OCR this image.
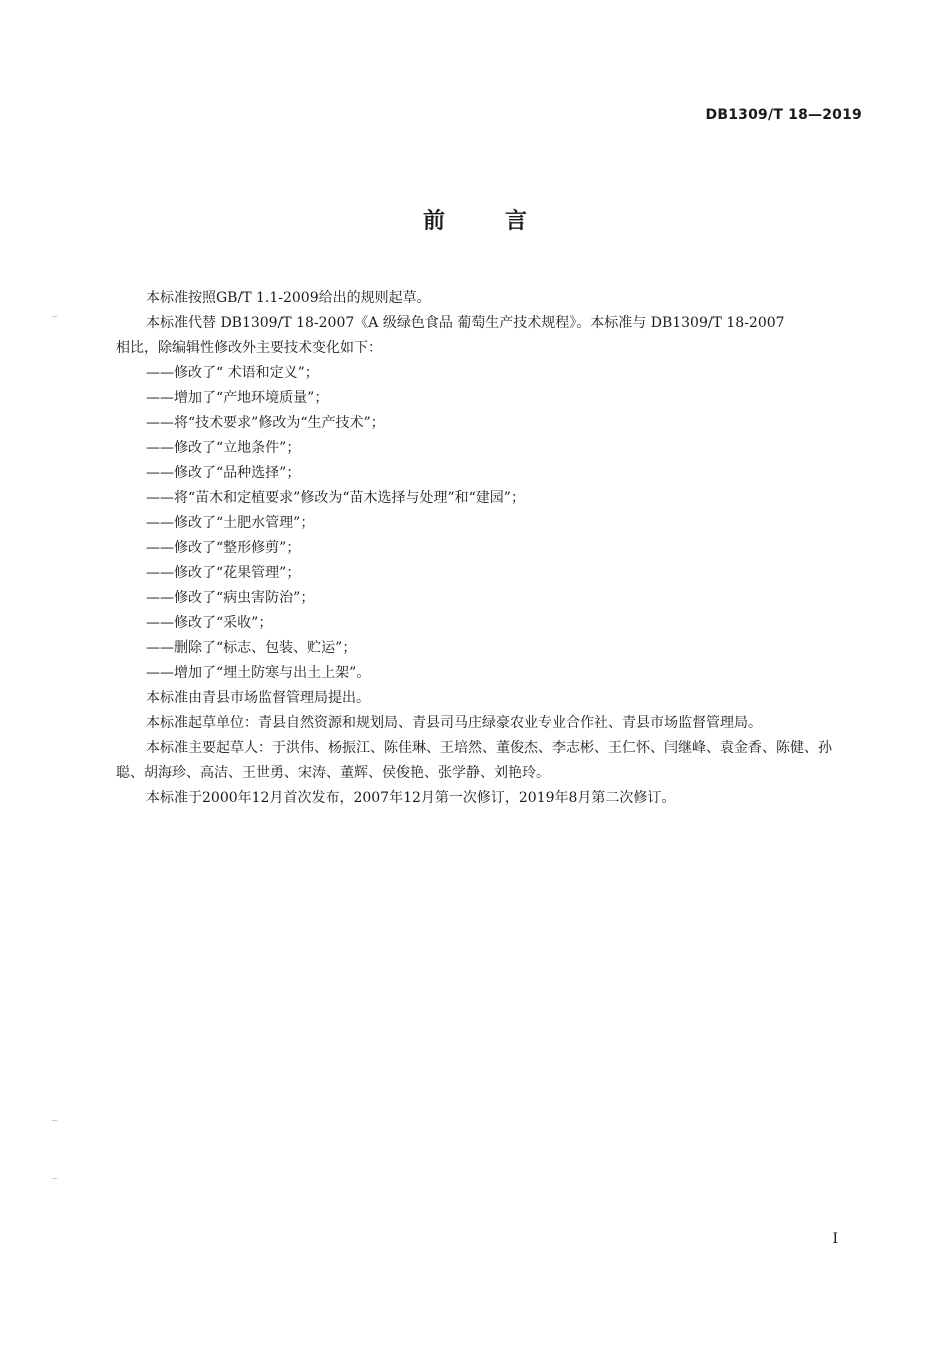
DB1309/T 18—2019
前言

本标准按照GB/T 1.1-2009给出的规则起草。

本标准代替 DB1309/T 18-2007《A 级绿色食品 葡萄生产技术规程》。本标准与 DB1309/T 18-2007

相比，除编辑性修改外主要技术变化如下：

——修改了“ 术语和定义”；
——增加了“产地环境质量”；
——将“技术要求”修改为“生产技术”；
——修改了“立地条件”；
——修改了“品种选择”；
——将“苗木和定植要求”修改为“苗木选择与处理”和“建园”；
——修改了“土肥水管理”；
——修改了“整形修剪”；
——修改了“花果管理”；
——修改了“病虫害防治”；
——修改了“采收”；
——删除了“标志、包装、贮运”；
——增加了“埋土防寒与出土上架”。

本标准由青县市场监督管理局提出。

本标准起草单位：青县自然资源和规划局、青县司马庄绿豪农业专业合作社、青县市场监督管理局。

本标准主要起草人：于洪伟、杨振江、陈佳琳、王培然、董俊杰、李志彬、王仁怀、闫继峰、袁金香、陈健、孙聪、胡海珍、高洁、王世勇、宋涛、董辉、侯俊艳、张学静、刘艳玲。

本标准于2000年12月首次发布，2007年12月第一次修订，2019年8月第二次修订。

I
